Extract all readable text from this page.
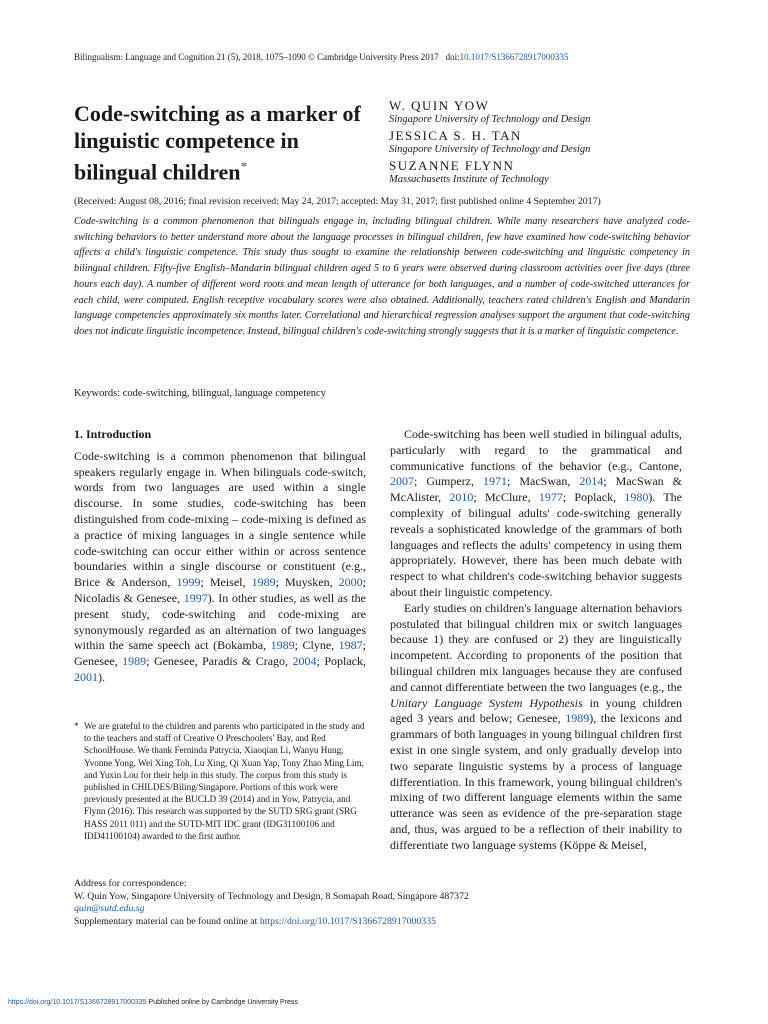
Bilingualism: Language and Cognition 21 (5), 2018, 1075–1090 © Cambridge University Press 2017 doi:10.1017/S1366728917000335
Code-switching as a marker of linguistic competence in bilingual children*
W. QUIN YOW
Singapore University of Technology and Design
JESSICA S. H. TAN
Singapore University of Technology and Design
SUZANNE FLYNN
Massachusetts Institute of Technology
(Received: August 08, 2016; final revision received: May 24, 2017; accepted: May 31, 2017; first published online 4 September 2017)
Code-switching is a common phenomenon that bilinguals engage in, including bilingual children. While many researchers have analyzed code-switching behaviors to better understand more about the language processes in bilingual children, few have examined how code-switching behavior affects a child's linguistic competence. This study thus sought to examine the relationship between code-switching and linguistic competency in bilingual children. Fifty-five English–Mandarin bilingual children aged 5 to 6 years were observed during classroom activities over five days (three hours each day). A number of different word roots and mean length of utterance for both languages, and a number of code-switched utterances for each child, were computed. English receptive vocabulary scores were also obtained. Additionally, teachers rated children's English and Mandarin language competencies approximately six months later. Correlational and hierarchical regression analyses support the argument that code-switching does not indicate linguistic incompetence. Instead, bilingual children's code-switching strongly suggests that it is a marker of linguistic competence.
Keywords: code-switching, bilingual, language competency
1. Introduction

Code-switching is a common phenomenon that bilingual speakers regularly engage in. When bilinguals code-switch, words from two languages are used within a single discourse. In some studies, code-switching has been distinguished from code-mixing – code-mixing is defined as a practice of mixing languages in a single sentence while code-switching can occur either within or across sentence boundaries within a single discourse or constituent (e.g., Brice & Anderson, 1999; Meisel, 1989; Muysken, 2000; Nicoladis & Genesee, 1997). In other studies, as well as the present study, code-switching and code-mixing are synonymously regarded as an alternation of two languages within the same speech act (Bokamba, 1989; Clyne, 1987; Genesee, 1989; Genesee, Paradis & Crago, 2004; Poplack, 2001).

* We are grateful to the children and parents who participated in the study and to the teachers and staff of Creative O Preschoolers' Bay, and Red SchoolHouse. We thank Ferninda Patrycia, Xiaoqian Li, Wanyu Hung, Yvonne Yong, Wei Xing Toh, Lu Xing, Qi Xuan Yap, Tony Zhao Ming Lim, and Yuxin Lou for their help in this study. The corpus from this study is published in CHILDES/Biling/Singapore. Portions of this work were previously presented at the BUCLD 39 (2014) and in Yow, Patrycia, and Flynn (2016). This research was supported by the SUTD SRG grant (SRG HASS 2011 011) and the SUTD-MIT IDC grant (IDG31100106 and IDD41100104) awarded to the first author.

Code-switching has been well studied in bilingual adults, particularly with regard to the grammatical and communicative functions of the behavior (e.g., Cantone, 2007; Gumperz, 1971; MacSwan, 2014; MacSwan & McAlister, 2010; McClure, 1977; Poplack, 1980). The complexity of bilingual adults' code-switching generally reveals a sophisticated knowledge of the grammars of both languages and reflects the adults' competency in using them appropriately. However, there has been much debate with respect to what children's code-switching behavior suggests about their linguistic competency.

Early studies on children's language alternation behaviors postulated that bilingual children mix or switch languages because 1) they are confused or 2) they are linguistically incompetent. According to proponents of the position that bilingual children mix languages because they are confused and cannot differentiate between the two languages (e.g., the Unitary Language System Hypothesis in young children aged 3 years and below; Genesee, 1989), the lexicons and grammars of both languages in young bilingual children first exist in one single system, and only gradually develop into two separate linguistic systems by a process of language differentiation. In this framework, young bilingual children's mixing of two different language elements within the same utterance was seen as evidence of the pre-separation stage and, thus, was argued to be a reflection of their inability to differentiate two language systems (Köppe & Meisel,

Address for correspondence:
W. Quin Yow, Singapore University of Technology and Design, 8 Somapah Road, Singapore 487372
quin@sutd.edu.sg
Supplementary material can be found online at https://doi.org/10.1017/S1366728917000335
https://doi.org/10.1017/S1366728917000335 Published online by Cambridge University Press
